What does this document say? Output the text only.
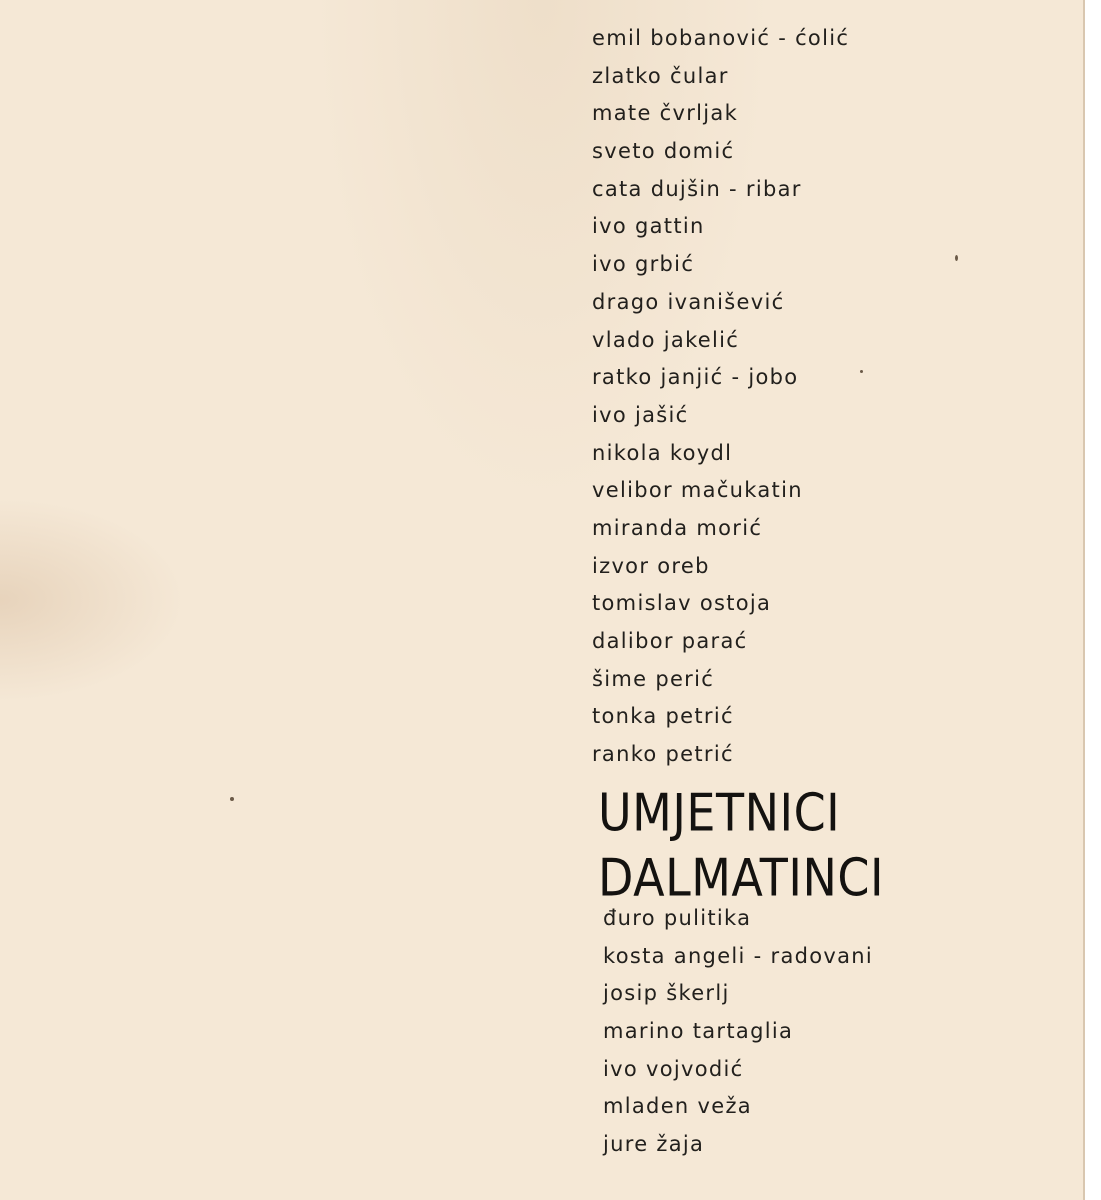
emil bobanović - ćolić
zlatko čular
mate čvrljak
sveto domić
cata dujšin - ribar
ivo gattin
ivo grbić
drago ivanišević
vlado jakelić
ratko janjić - jobo
ivo jašić
nikola koydl
velibor mačukatin
miranda morić
izvor oreb
tomislav ostoja
dalibor parać
šime perić
tonka petrić
ranko petrić
UMJETNICI
DALMATINCI
đuro pulitika
kosta angeli - radovani
josip škerlj
marino tartaglia
ivo vojvodić
mladen veža
jure žaja
